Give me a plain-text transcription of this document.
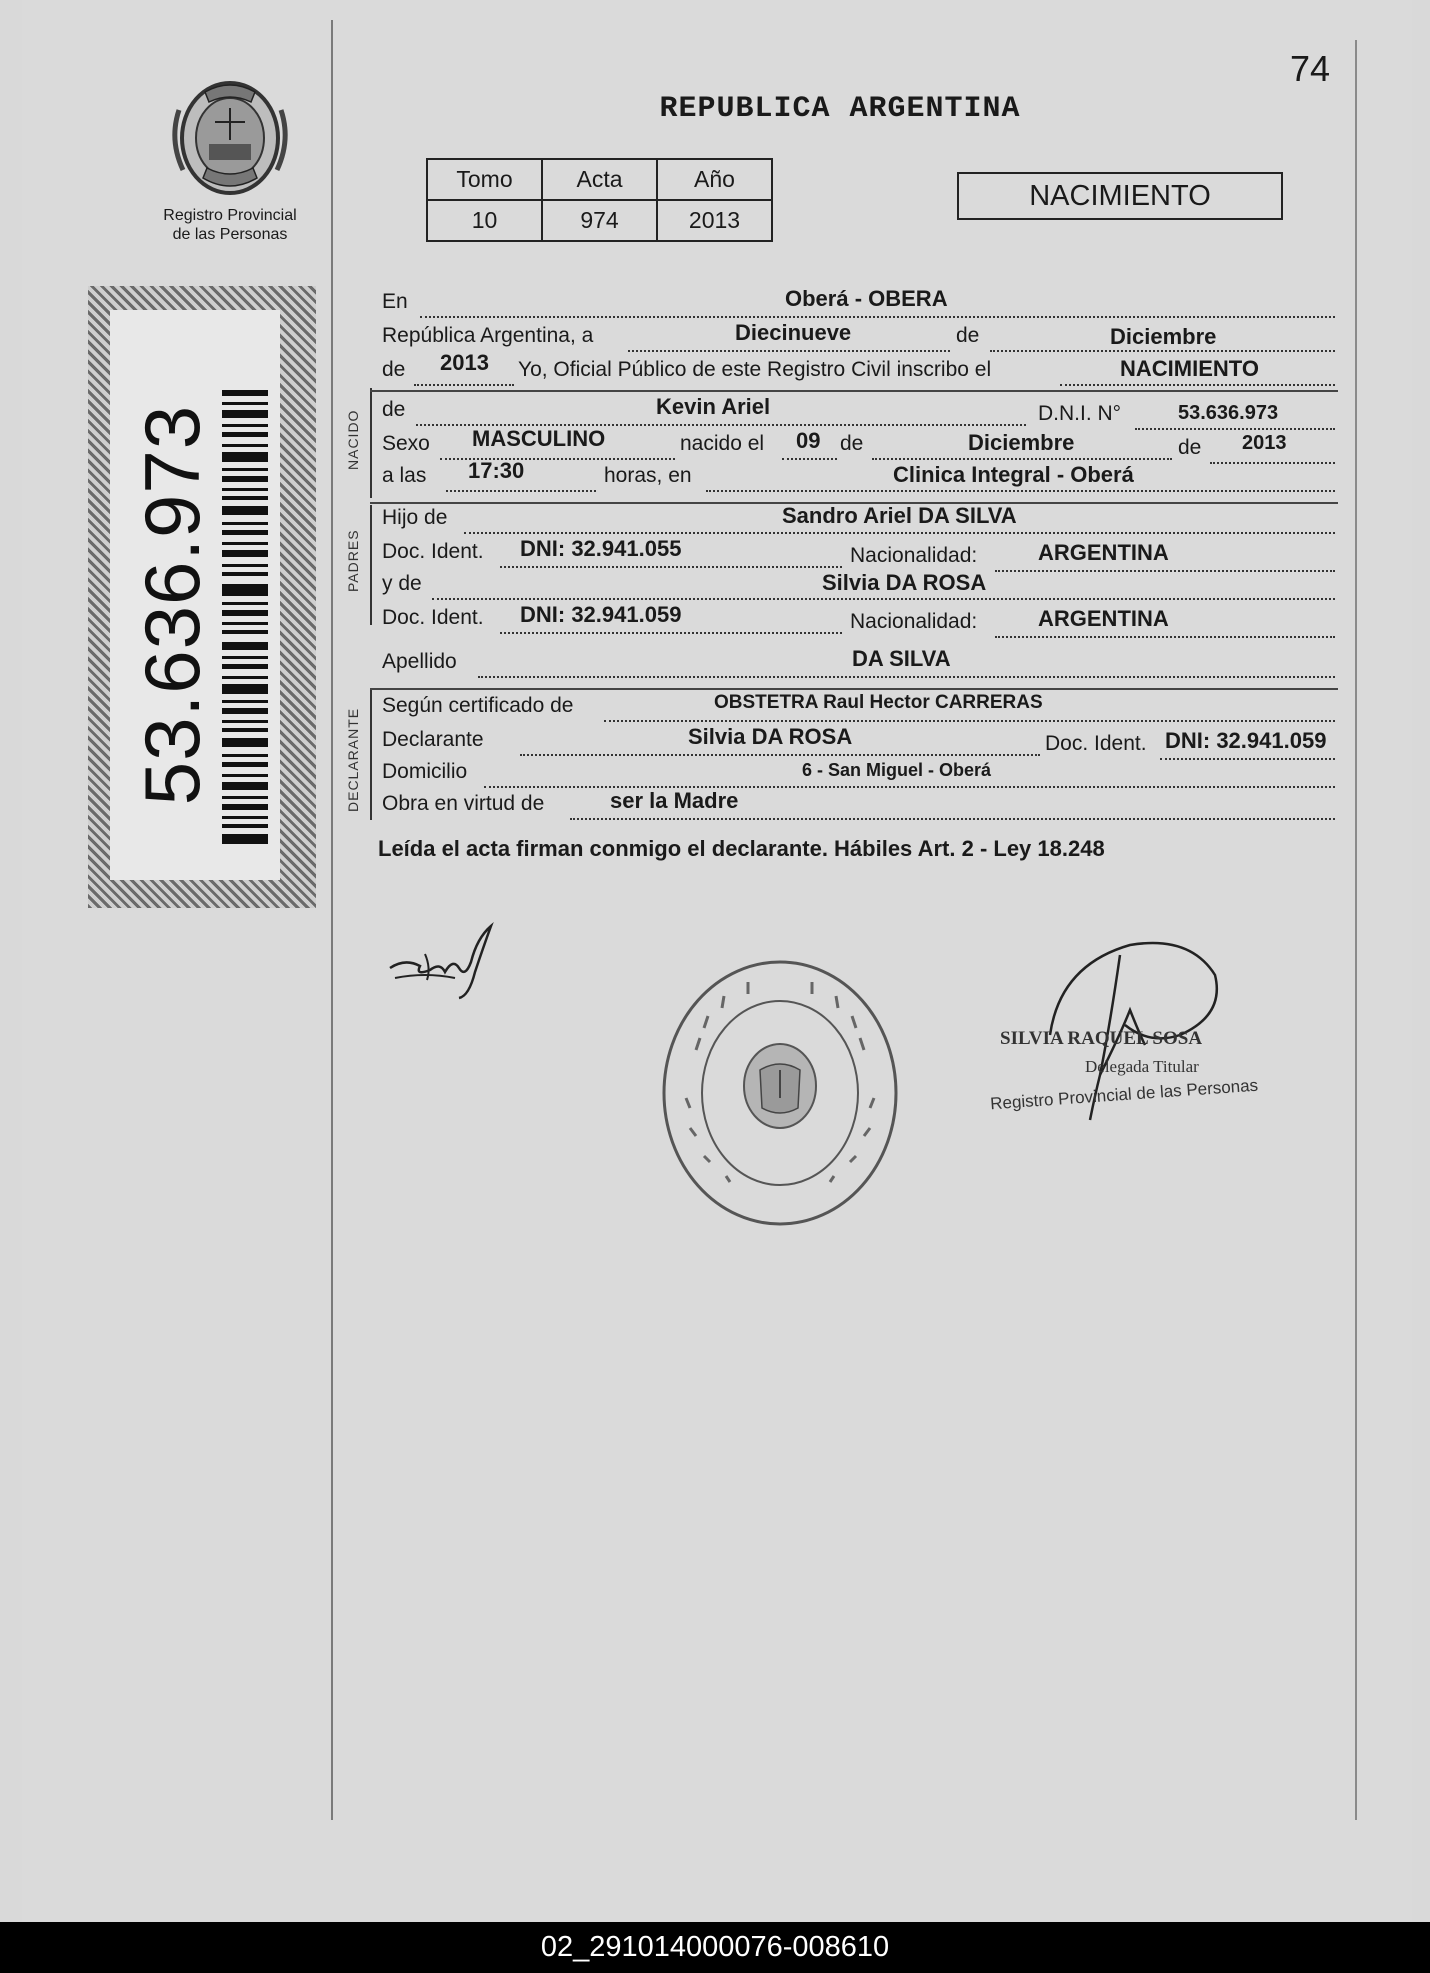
74
REPUBLICA ARGENTINA
Registro Provincial
de las Personas
Tomo	Acta	Año
10	974	2013
NACIMIENTO
53.636.973	NACIDO
PADRES
DECLARANTE
En	Oberá - OBERA
República Argentina, a	Diecinueve	de	Diciembre
de 2013 Yo, Oficial Público de este Registro Civil inscribo el	NACIMIENTO
de	Kevin Ariel	D.N.I. N°	53.636.973
Sexo MASCULINO	nacido el 09 de	Diciembre	de 2013
a las 17:30	horas, en	Clinica Integral - Oberá
Hijo de	Sandro Ariel DA SILVA
Doc. Ident. DNI: 32.941.055	Nacionalidad:	ARGENTINA
y de	Silvia DA ROSA
Doc. Ident. DNI: 32.941.059	Nacionalidad:	ARGENTINA
Apellido	DA SILVA
Según certificado de	OBSTETRA Raul Hector CARRERAS
Declarante	Silvia DA ROSA	Doc. Ident. DNI: 32.941.059
Domicilio	6 - San Miguel - Oberá
Obra en virtud de	ser la Madre
Leída el acta firman conmigo el declarante. Hábiles Art. 2 - Ley 18.248
SILVIA RAQUEL SOSA
Delegada Titular
Registro Provincial de las Personas
02_291014000076-008610
